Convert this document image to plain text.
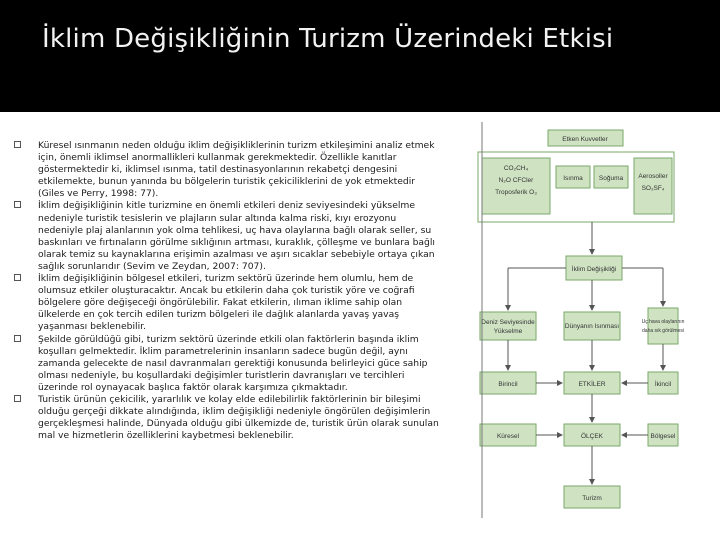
İklim Değişikliğinin Turizm Üzerindeki Etkisi
Küresel ısınmanın neden olduğu iklim değişikliklerinin turizm etkileşimini analiz etmek için, önemli iklimsel anormallikleri kullanmak gerekmektedir. Özellikle kanıtlar göstermektedir ki, iklimsel ısınma, tatil destinasyonlarının rekabetçi dengesini etkilemekte, bunun yanında bu bölgelerin turistik çekiciliklerini de yok etmektedir (Giles ve Perry, 1998: 77).
İklim değişikliğinin kitle turizmine en önemli etkileri deniz seviyesindeki yükselme nedeniyle turistik tesislerin ve plajların sular altında kalma riski, kıyı erozyonu nedeniyle plaj alanlarının yok olma tehlikesi, uç hava olaylarına bağlı olarak seller, su baskınları ve fırtınaların görülme sıklığının artması, kuraklık, çölleşme ve bunlara bağlı olarak temiz su kaynaklarına erişimin azalması ve aşırı sıcaklar sebebiyle ortaya çıkan sağlık sorunlarıdır (Sevim ve Zeydan, 2007: 707).
İklim değişikliğinin bölgesel etkileri, turizm sektörü üzerinde hem olumlu, hem de olumsuz etkiler oluşturacaktır. Ancak bu etkilerin daha çok turistik yöre ve coğrafi bölgelere göre değişeceği öngörülebilir. Fakat etkilerin, ılıman iklime sahip olan ülkelerde en çok tercih edilen turizm bölgeleri ile dağlık alanlarda yavaş yavaş yaşanması beklenebilir.
Şekilde görüldüğü gibi, turizm sektörü üzerinde etkili olan faktörlerin başında iklim koşulları gelmektedir. İklim parametrelerinin insanların sadece bugün değil, aynı zamanda gelecekte de nasıl davranmaları gerektiği konusunda belirleyici güce sahip olması nedeniyle, bu koşullardaki değişimler turistlerin davranışları ve tercihleri üzerinde rol oynayacak başlıca faktör olarak karşımıza çıkmaktadır.
Turistik ürünün çekicilik, yararlılık ve kolay elde edilebilirlik faktörlerinin bir bileşimi olduğu gerçeği dikkate alındığında, iklim değişikliği nedeniyle öngörülen değişimlerin gerçekleşmesi halinde, Dünyada olduğu gibi ülkemizde de, turistik ürün olarak sunulan mal ve hizmetlerin özelliklerini kaybetmesi beklenebilir.
Etken Kuvvetler
CO₂CH₄
N₂O CFCler
Troposferik O₃
Isınma Soğuma Aerosoller
SO₂SF₄
İklim Değişikliği
Deniz Seviyesinde
Yükselme
Dünyanın Isınması
Uç hava olaylarının
daha sık görülmesi
Birincil	ETKİLER	İkincil
Küresel	ÖLÇEK	Bölgesel
Turizm
